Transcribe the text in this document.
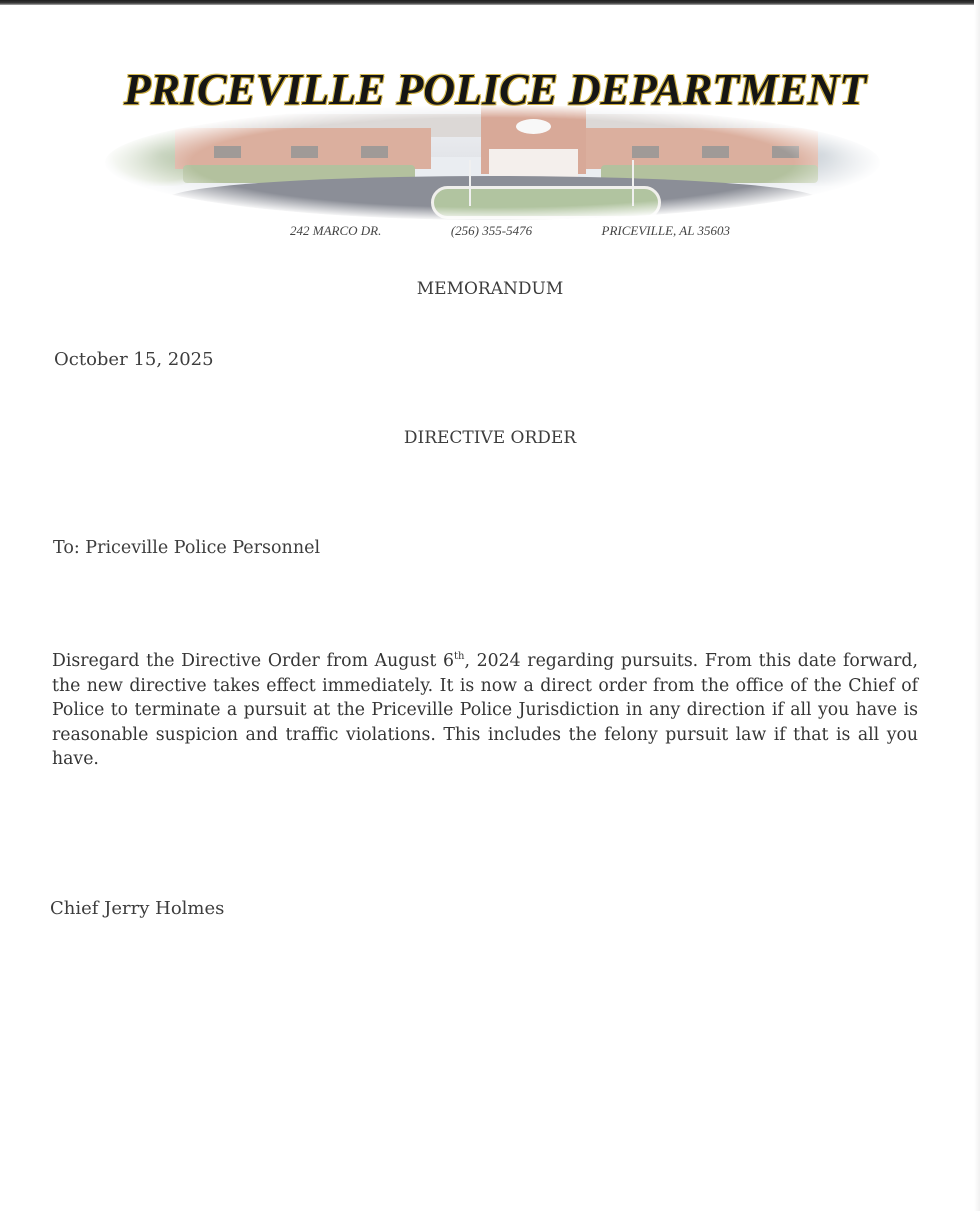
PRICEVILLE POLICE DEPARTMENT
242 MARCO DR.	(256) 355-5476	PRICEVILLE, AL 35603
MEMORANDUM
October 15, 2025
DIRECTIVE ORDER
To: Priceville Police Personnel
Disregard the Directive Order from August 6th, 2024 regarding pursuits. From this date forward, the new directive takes effect immediately. It is now a direct order from the office of the Chief of Police to terminate a pursuit at the Priceville Police Jurisdiction in any direction if all you have is reasonable suspicion and traffic violations. This includes the felony pursuit law if that is all you have.
Chief Jerry Holmes
